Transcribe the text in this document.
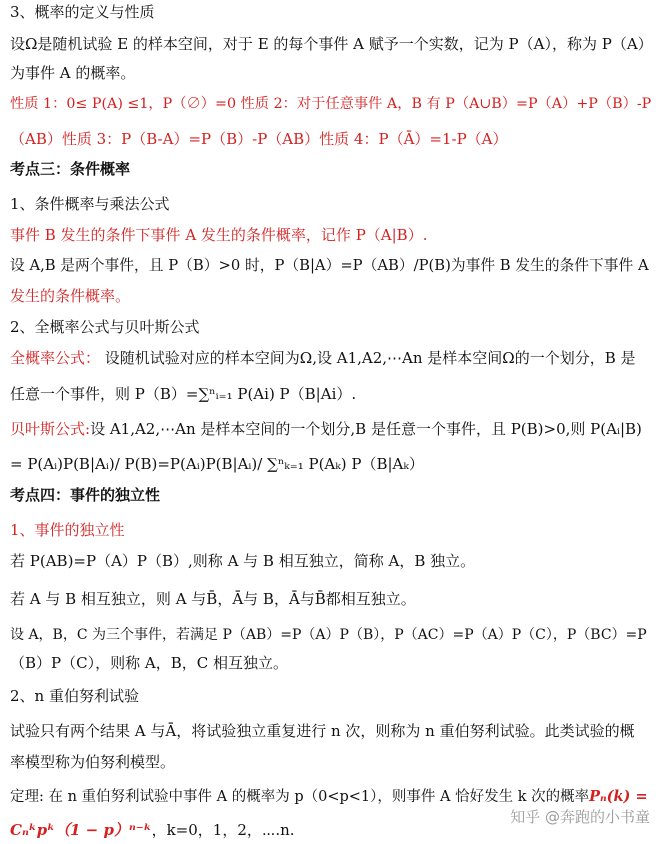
3、概率的定义与性质
设Ω是随机试验 E 的样本空间，对于 E 的每个事件 A 赋予一个实数，记为 P（A），称为 P（A）
为事件 A 的概率。
性质 1：0≤ P(A) ≤1，P（∅）=0 性质 2：对于任意事件 A，B 有 P（A∪B）=P（A）+P（B）-P
（AB）性质 3：P（B-A）=P（B）-P（AB）性质 4：P（Ā）=1-P（A）
考点三：条件概率
1、条件概率与乘法公式
事件 B 发生的条件下事件 A 发生的条件概率，记作 P（A|B）.
设 A,B 是两个事件，且 P（B）>0 时，P（B|A）=P（AB）/P(B)为事件 B 发生的条件下事件 A
发生的条件概率。
2、全概率公式与贝叶斯公式
全概率公式： 设随机试验对应的样本空间为Ω,设 A1,A2,⋯An 是样本空间Ω的一个划分，B 是
任意一个事件，则 P（B）=∑ⁿᵢ₌₁ P(Ai) P（B|Ai）.
贝叶斯公式:设 A1,A2,⋯An 是样本空间的一个划分,B 是任意一个事件，且 P(B)>0,则 P(Aᵢ|B)
= P(Aᵢ)P(B|Aᵢ)/ P(B)=P(Aᵢ)P(B|Aᵢ)/ ∑ⁿₖ₌₁ P(Aₖ) P（B|Aₖ）
考点四：事件的独立性
1、事件的独立性
若 P(AB)=P（A）P（B）,则称 A 与 B 相互独立，简称 A，B 独立。
若 A 与 B 相互独立，则 A 与B̄，Ā与 B，Ā与B̄都相互独立。
设 A，B，C 为三个事件，若满足 P（AB）=P（A）P（B），P（AC）=P（A）P（C），P（BC）=P
（B）P（C），则称 A，B，C 相互独立。
2、n 重伯努利试验
试验只有两个结果 A 与Ā，将试验独立重复进行 n 次，则称为 n 重伯努利试验。此类试验的概
率模型称为伯努利模型。
定理: 在 n 重伯努利试验中事件 A 的概率为 p（0<p<1），则事件 A 恰好发生 k 次的概率Pₙ(k) =
Cₙᵏpᵏ（1 − p）ⁿ⁻ᵏ，k=0，1，2，⋯.n.
知乎 @奔跑的小书童
